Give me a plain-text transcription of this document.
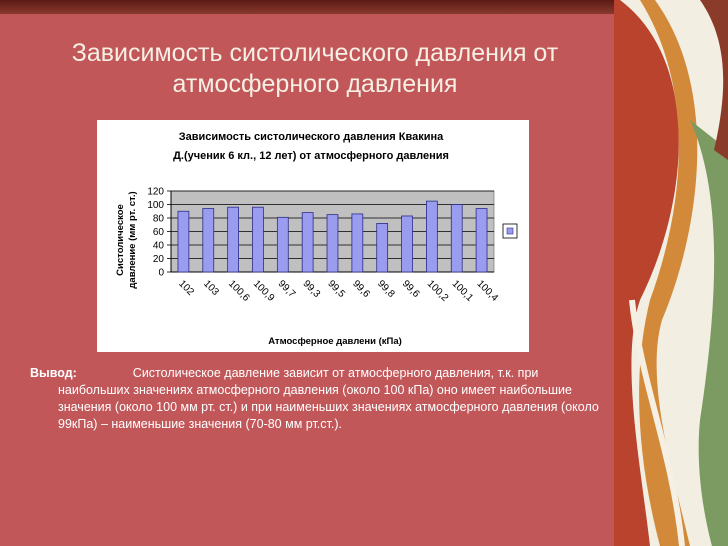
Зависимость систолического давления от атмосферного давления
Зависимость систолического давления Квакина
Д.(ученик 6 кл., 12 лет) от атмосферного давления
Систолическое давление (мм рт. ст.)
Атмосферное давлени (кПа)
0
20
40
60
80
100
120
102 103 100,6 100,9 99,7 99,3 99,5 99,6 99,8 99,6 100,2 100,1 100,4
Вывод:	Систолическое давление зависит от атмосферного давления, т.к. при наибольших значениях атмосферного давления (около 100 кПа) оно имеет наибольшие значения (около 100 мм рт. ст.) и при наименьших значениях атмосферного давления (около 99кПа) – наименьшие значения (70-80 мм рт.ст.).
